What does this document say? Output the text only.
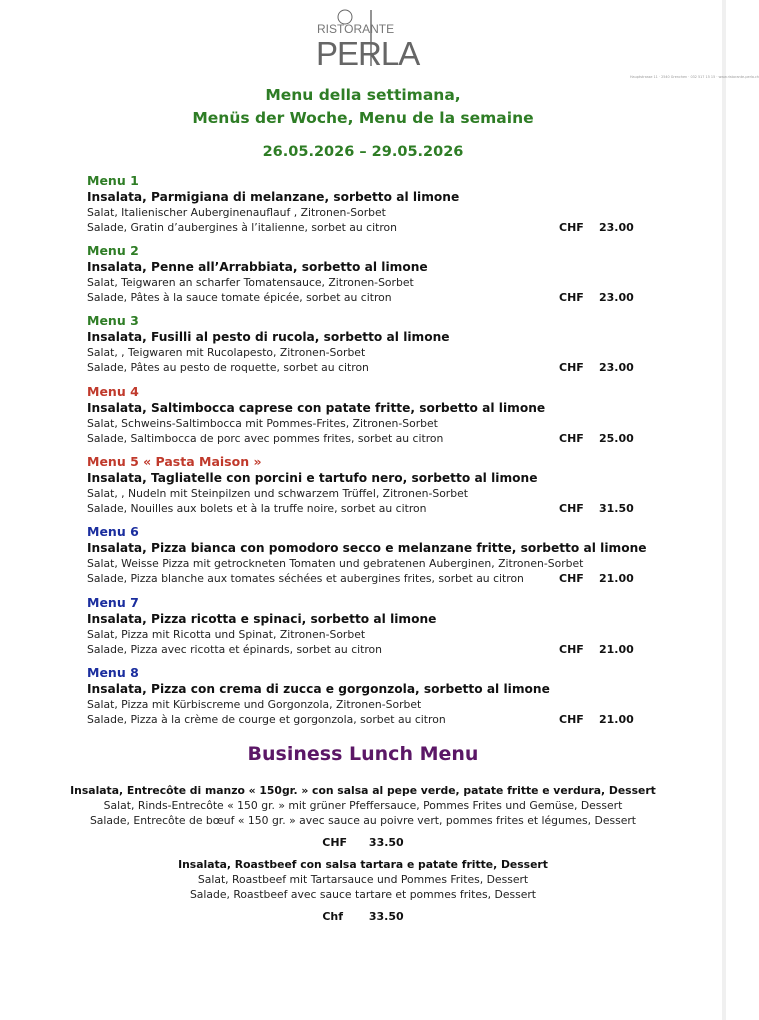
RISTORANTE
PERLA
Hauptstrasse 11 · 2540 Grenchen · 032 517 15 15 · www.ristorante-perla.ch
Menu della settimana,
Menüs der Woche, Menu de la semaine
26.05.2026 – 29.05.2026
Menu 1
Insalata, Parmigiana di melanzane, sorbetto al limone
Salat, Italienischer Auberginenauflauf , Zitronen-Sorbet
Salade, Gratin d’aubergines à l’italienne, sorbet au citron	CHF 23.00
Menu 2
Insalata, Penne all’Arrabbiata, sorbetto al limone
Salat, Teigwaren an scharfer Tomatensauce, Zitronen-Sorbet
Salade, Pâtes à la sauce tomate épicée, sorbet au citron	CHF 23.00
Menu 3
Insalata, Fusilli al pesto di rucola, sorbetto al limone
Salat, , Teigwaren mit Rucolapesto, Zitronen-Sorbet
Salade, Pâtes au pesto de roquette, sorbet au citron	CHF 23.00
Menu 4
Insalata, Saltimbocca caprese con patate fritte, sorbetto al limone
Salat, Schweins-Saltimbocca mit Pommes-Frites, Zitronen-Sorbet
Salade, Saltimbocca de porc avec pommes frites, sorbet au citron	CHF 25.00
Menu 5 « Pasta Maison »
Insalata, Tagliatelle con porcini e tartufo nero, sorbetto al limone
Salat, , Nudeln mit Steinpilzen und schwarzem Trüffel, Zitronen-Sorbet
Salade, Nouilles aux bolets et à la truffe noire, sorbet au citron	CHF 31.50
Menu 6
Insalata, Pizza bianca con pomodoro secco e melanzane fritte, sorbetto al limone
Salat, Weisse Pizza mit getrockneten Tomaten und gebratenen Auberginen, Zitronen-Sorbet
Salade, Pizza blanche aux tomates séchées et aubergines frites, sorbet au citron	CHF 21.00
Menu 7
Insalata, Pizza ricotta e spinaci, sorbetto al limone
Salat, Pizza mit Ricotta und Spinat, Zitronen-Sorbet
Salade, Pizza avec ricotta et épinards, sorbet au citron	CHF 21.00
Menu 8
Insalata, Pizza con crema di zucca e gorgonzola, sorbetto al limone
Salat, Pizza mit Kürbiscreme und Gorgonzola, Zitronen-Sorbet
Salade, Pizza à la crème de courge et gorgonzola, sorbet au citron	CHF 21.00
Business Lunch Menu
Insalata, Entrecôte di manzo « 150gr. » con salsa al pepe verde, patate fritte e verdura, Dessert
Salat, Rinds-Entrecôte « 150 gr. » mit grüner Pfeffersauce, Pommes Frites und Gemüse, Dessert
Salade, Entrecôte de bœuf « 150 gr. » avec sauce au poivre vert, pommes frites et légumes, Dessert
CHF 33.50
Insalata, Roastbeef con salsa tartara e patate fritte, Dessert
Salat, Roastbeef mit Tartarsauce und Pommes Frites, Dessert
Salade, Roastbeef avec sauce tartare et pommes frites, Dessert
Chf 33.50
